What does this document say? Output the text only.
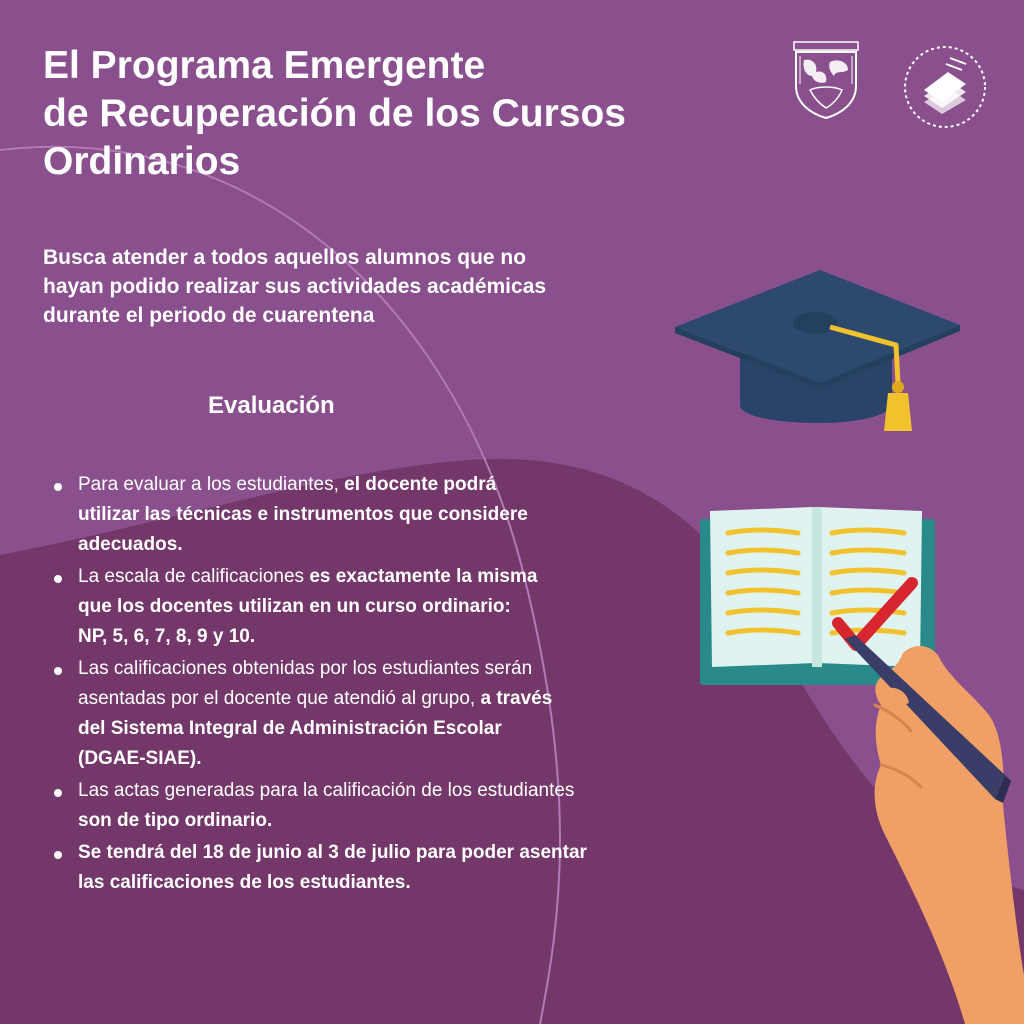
El Programa Emergente
de Recuperación de los Cursos
Ordinarios

Busca atender a todos aquellos alumnos que no
hayan podido realizar sus actividades académicas
durante el periodo de cuarentena

Evaluación
Para evaluar a los estudiantes, el docente podrá
utilizar las técnicas e instrumentos que considere
adecuados.
La escala de calificaciones es exactamente la misma
que los docentes utilizan en un curso ordinario:
NP, 5, 6, 7, 8, 9 y 10.
Las calificaciones obtenidas por los estudiantes serán
asentadas por el docente que atendió al grupo, a través
del Sistema Integral de Administración Escolar
(DGAE-SIAE).
Las actas generadas para la calificación de los estudiantes
son de tipo ordinario.
Se tendrá del 18 de junio al 3 de julio para poder asentar
las calificaciones de los estudiantes.
